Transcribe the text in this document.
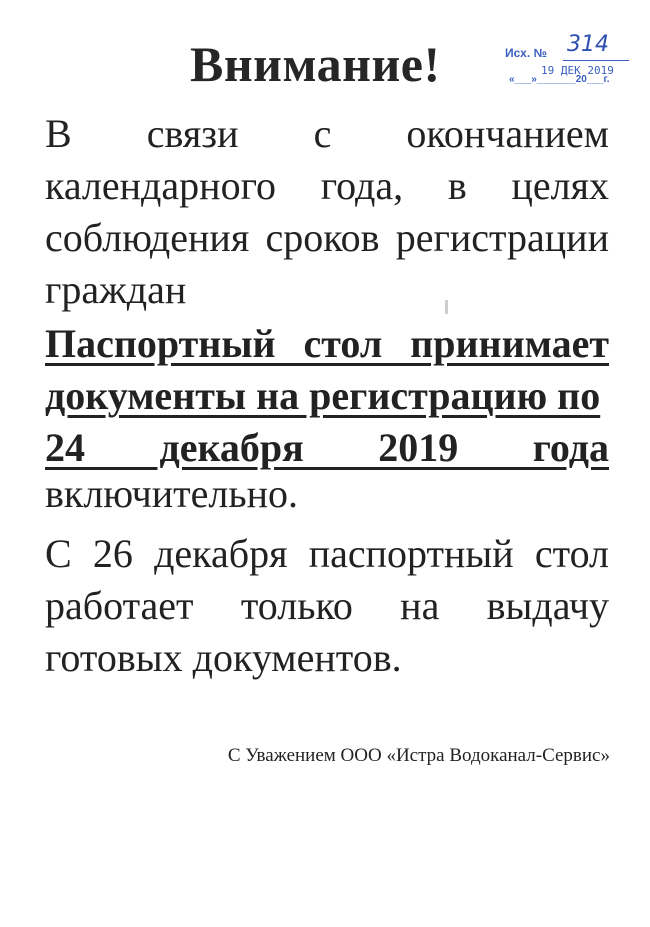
Внимание!	Исх. № 314
19 ДЕК 2019
«___»_______20___г.
В связи с окончанием календарного года, в целях соблюдения сроков регистрации граждан
Паспортный стол принимает документы на регистрацию по
24 декабря 2019 года
включительно.
С 26 декабря паспортный стол работает только на выдачу готовых документов.
С Уважением ООО «Истра Водоканал-Сервис»
